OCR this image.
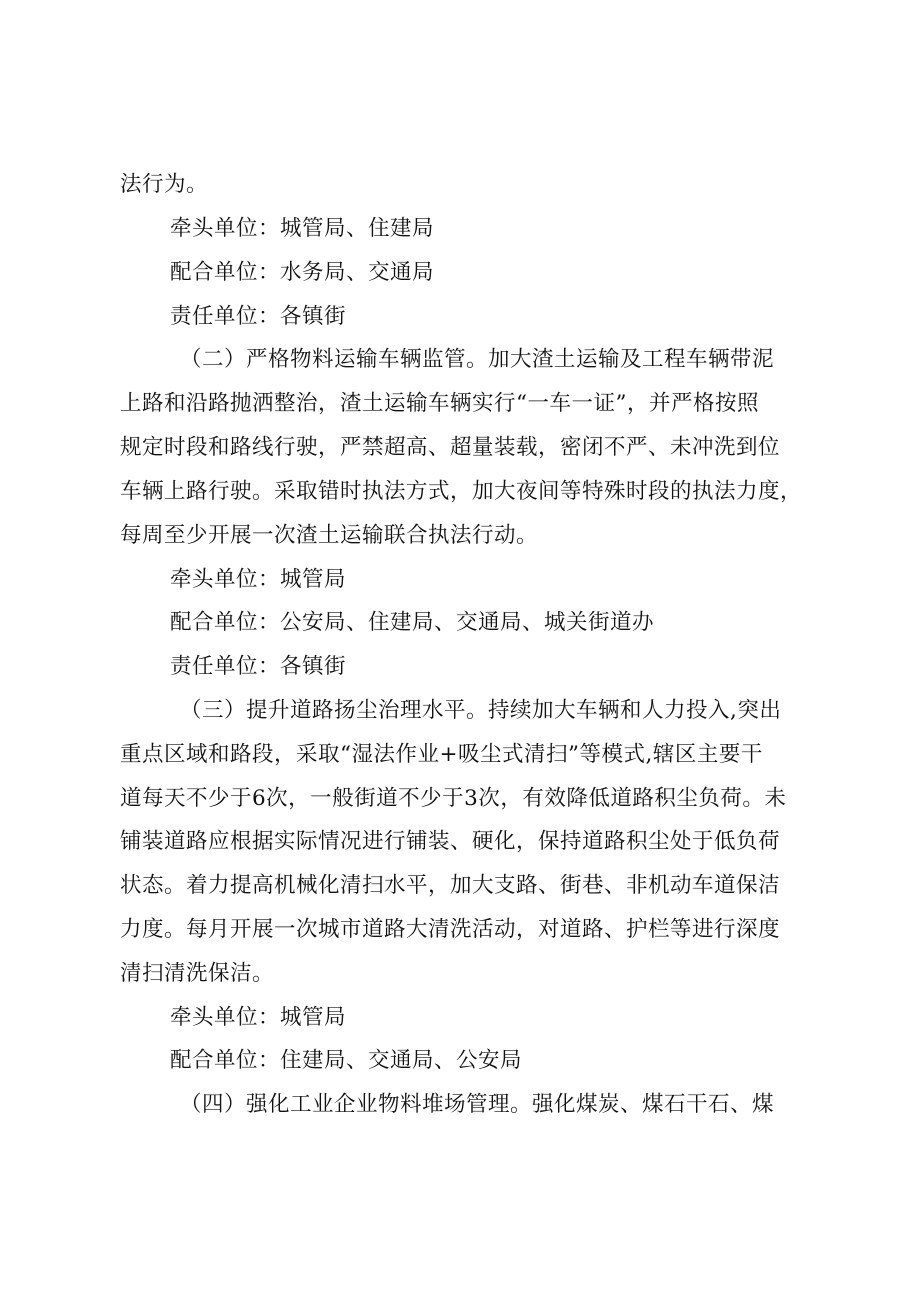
法行为。
牵头单位：城管局、住建局
配合单位：水务局、交通局
责任单位：各镇街
（二）严格物料运输车辆监管。加大渣土运输及工程车辆带泥
上路和沿路抛洒整治，渣土运输车辆实行“一车一证”，并严格按照
规定时段和路线行驶，严禁超高、超量装载，密闭不严、未冲洗到位
车辆上路行驶。采取错时执法方式，加大夜间等特殊时段的执法力度，
每周至少开展一次渣土运输联合执法行动。
牵头单位：城管局
配合单位：公安局、住建局、交通局、城关街道办
责任单位：各镇街
（三）提升道路扬尘治理水平。持续加大车辆和人力投入,突出
重点区域和路段，采取“湿法作业+吸尘式清扫”等模式,辖区主要干
道每天不少于6次，一般街道不少于3次，有效降低道路积尘负荷。未
铺装道路应根据实际情况进行铺装、硬化，保持道路积尘处于低负荷
状态。着力提高机械化清扫水平，加大支路、街巷、非机动车道保洁
力度。每月开展一次城市道路大清洗活动，对道路、护栏等进行深度
清扫清洗保洁。
牵头单位：城管局
配合单位：住建局、交通局、公安局
（四）强化工业企业物料堆场管理。强化煤炭、煤石干石、煤
